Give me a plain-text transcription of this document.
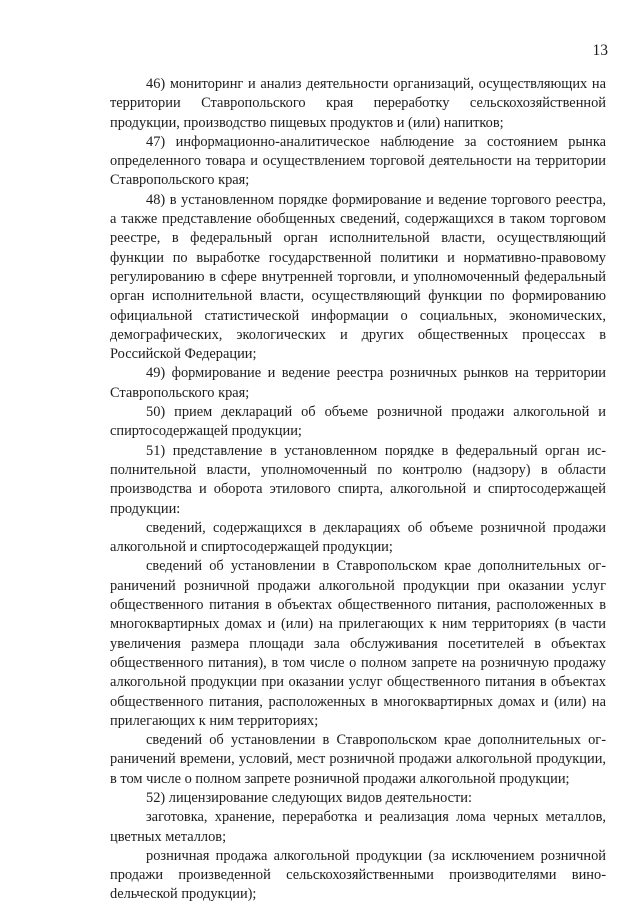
13

46) мониторинг и анализ деятельности организаций, осуществляющих на территории Ставропольского края переработку сельскохозяйственной продукции, производство пищевых продуктов и (или) напитков;

47) информационно-аналитическое наблюдение за состоянием рынка определенного товара и осуществлением торговой деятельности на территории Ставропольского края;

48) в установленном порядке формирование и ведение торгового реестра, а также представление обобщенных сведений, содержащихся в таком торговом реестре, в федеральный орган исполнительной власти, осуществляющий функции по выработке государственной политики и нормативно-правовому регулированию в сфере внутренней торговли, и уполномоченный федеральный орган исполнительной власти, осуществляющий функции по формированию официальной статистической информации о социальных, экономических, демографических, экологических и других общественных процессах в Российской Федерации;

49) формирование и ведение реестра розничных рынков на территории Ставропольского края;

50) прием деклараций об объеме розничной продажи алкогольной и спиртосодержащей продукции;

51) представление в установленном порядке в федеральный орган исполнительной власти, уполномоченный по контролю (надзору) в области производства и оборота этилового спирта, алкогольной и спиртосодержащей продукции:

сведений, содержащихся в декларациях об объеме розничной продажи алкогольной и спиртосодержащей продукции;

сведений об установлении в Ставропольском крае дополнительных ограничений розничной продажи алкогольной продукции при оказании услуг общественного питания в объектах общественного питания, расположенных в многоквартирных домах и (или) на прилегающих к ним территориях (в части увеличения размера площади зала обслуживания посетителей в объектах общественного питания), в том числе о полном запрете на розничную продажу алкогольной продукции при оказании услуг общественного питания в объектах общественного питания, расположенных в многоквартирных домах и (или) на прилегающих к ним территориях;

сведений об установлении в Ставропольском крае дополнительных ограничений времени, условий, мест розничной продажи алкогольной продукции, в том числе о полном запрете розничной продажи алкогольной продукции;

52) лицензирование следующих видов деятельности:

заготовка, хранение, переработка и реализация лома черных металлов, цветных металлов;

розничная продажа алкогольной продукции (за исключением розничной продажи произведенной сельскохозяйственными производителями виноdельческой продукции);
